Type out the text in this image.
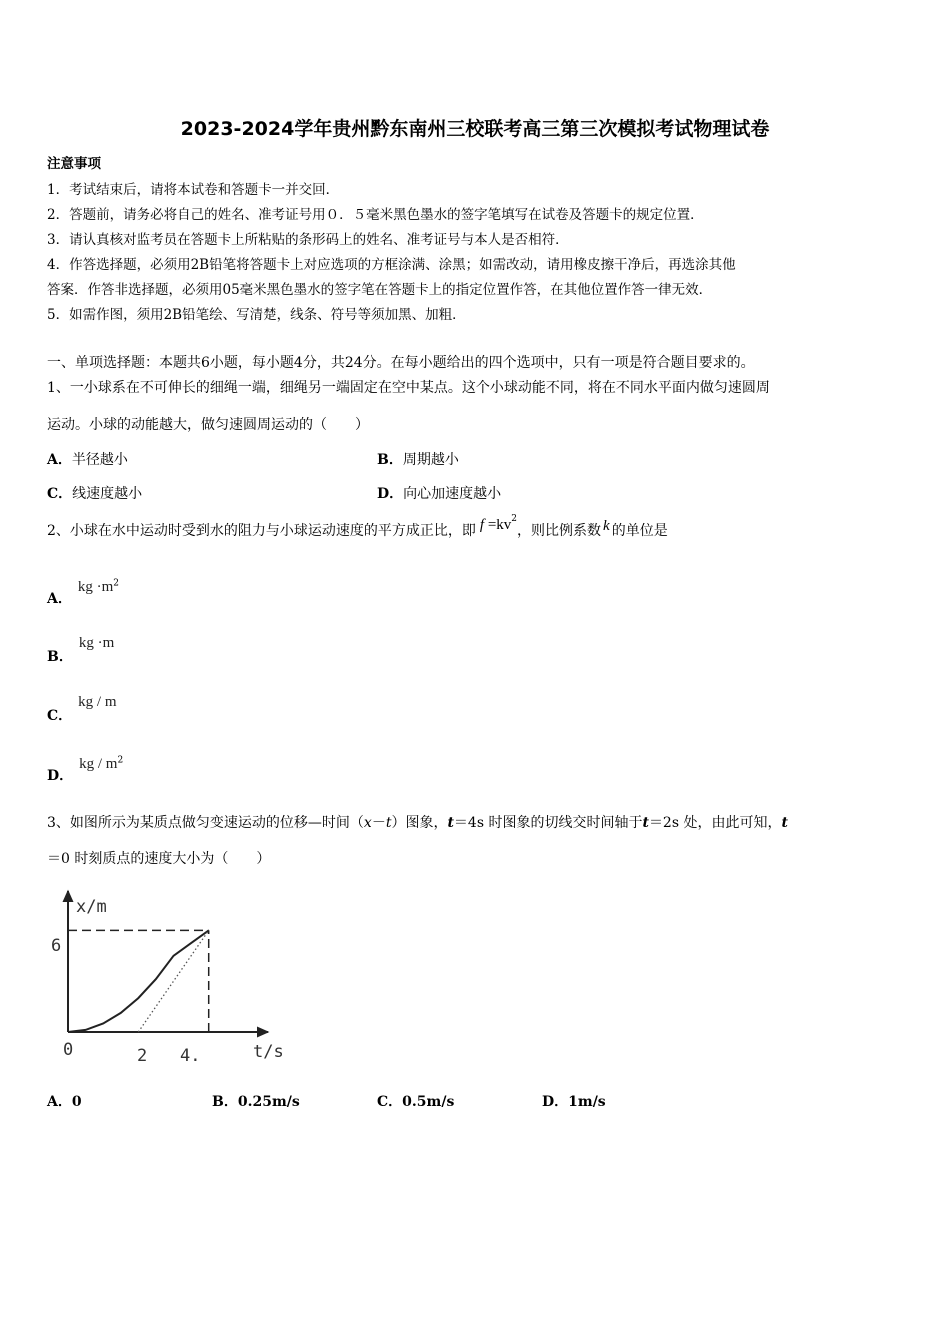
2023-2024学年贵州黔东南州三校联考高三第三次模拟考试物理试卷
注意事项
1．考试结束后，请将本试卷和答题卡一并交回．
2．答题前，请务必将自己的姓名、准考证号用０．５毫米黑色墨水的签字笔填写在试卷及答题卡的规定位置．
3．请认真核对监考员在答题卡上所粘贴的条形码上的姓名、准考证号与本人是否相符．
4．作答选择题，必须用2B铅笔将答题卡上对应选项的方框涂满、涂黑；如需改动，请用橡皮擦干净后，再选涂其他
答案．作答非选择题，必须用05毫米黑色墨水的签字笔在答题卡上的指定位置作答，在其他位置作答一律无效．
5．如需作图，须用2B铅笔绘、写清楚，线条、符号等须加黑、加粗．
一、单项选择题：本题共6小题，每小题4分，共24分。在每小题给出的四个选项中，只有一项是符合题目要求的。
1、一小球系在不可伸长的细绳一端，细绳另一端固定在空中某点。这个小球动能不同，将在不同水平面内做匀速圆周
运动。小球的动能越大，做匀速圆周运动的（　　）
A．半径越小	B．周期越小
C．线速度越小	D．向心加速度越小
2、小球在水中运动时受到水的阻力与小球运动速度的平方成正比，即 $f =kv^2$，则比例系数 k 的单位是
A．kg $\cdot m^2$
B．kg ·m
C．kg / m
D．kg / $m^2$
3、如图所示为某质点做匀变速运动的位移—时间（x－t）图象，t＝4s 时图象的切线交时间轴于t＝2s 处，由此可知，t
＝0 时刻质点的速度大小为（　　）
x/m
t/s
0	2 4.
6
A．0	B．0.25m/s	C．0.5m/s	D．1m/s
